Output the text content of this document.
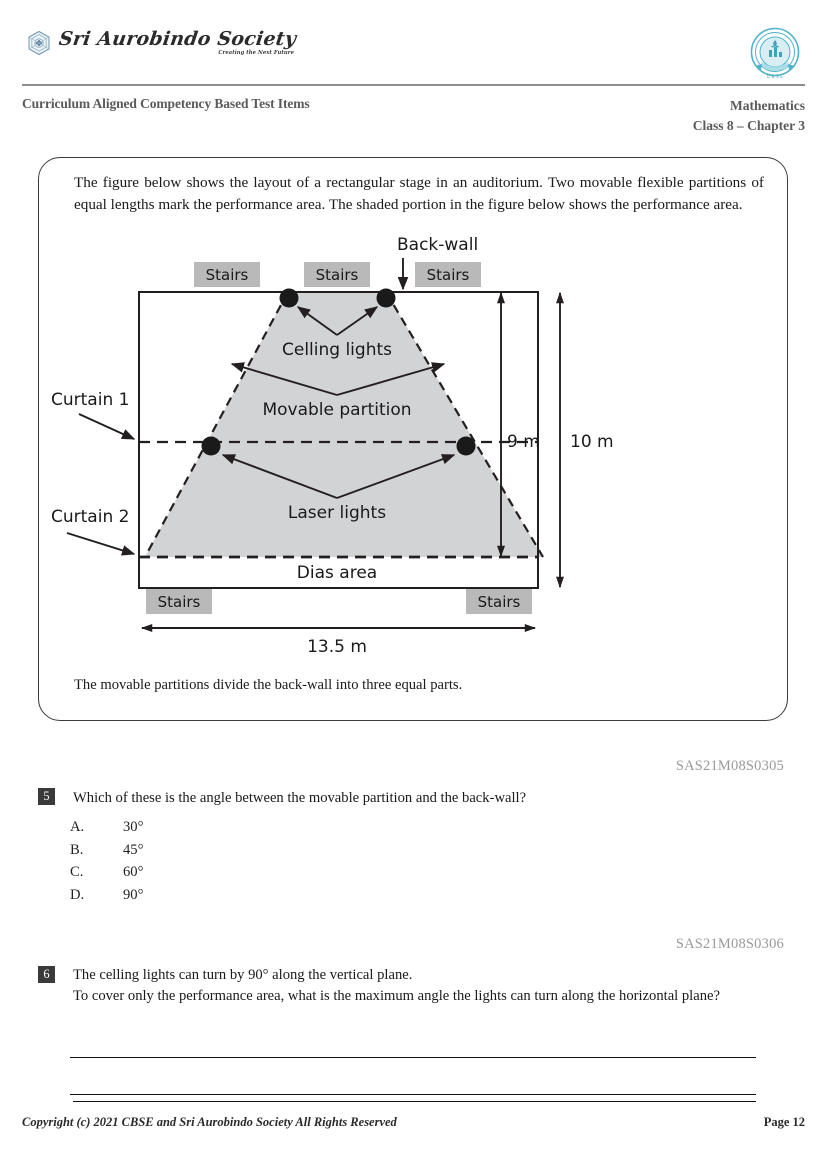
Sri Aurobindo Society
Creating the Next Future
C B S E
Curriculum Aligned Competency Based Test Items	Mathematics
Class 8 – Chapter 3
The figure below shows the layout of a rectangular stage in an auditorium. Two movable flexible partitions of equal lengths mark the performance area. The shaded portion in the figure below shows the performance area.
Back-wall
Stairs	Stairs	Stairs
Stairs	Stairs
Celling lights
Movable partition
Laser lights
Dias area
Curtain 1
Curtain 2
9 m 10 m
13.5 m
The movable partitions divide the back-wall into three equal parts.
SAS21M08S0305
5	Which of these is the angle between the movable partition and the back-wall?
A.	30°
B.	45°
C.	60°
D.	90°
SAS21M08S0306
6	The celling lights can turn by 90° along the vertical plane.
To cover only the performance area, what is the maximum angle the lights can turn along the horizontal plane?
Copyright (c) 2021 CBSE and Sri Aurobindo Society All Rights Reserved	Page 12
